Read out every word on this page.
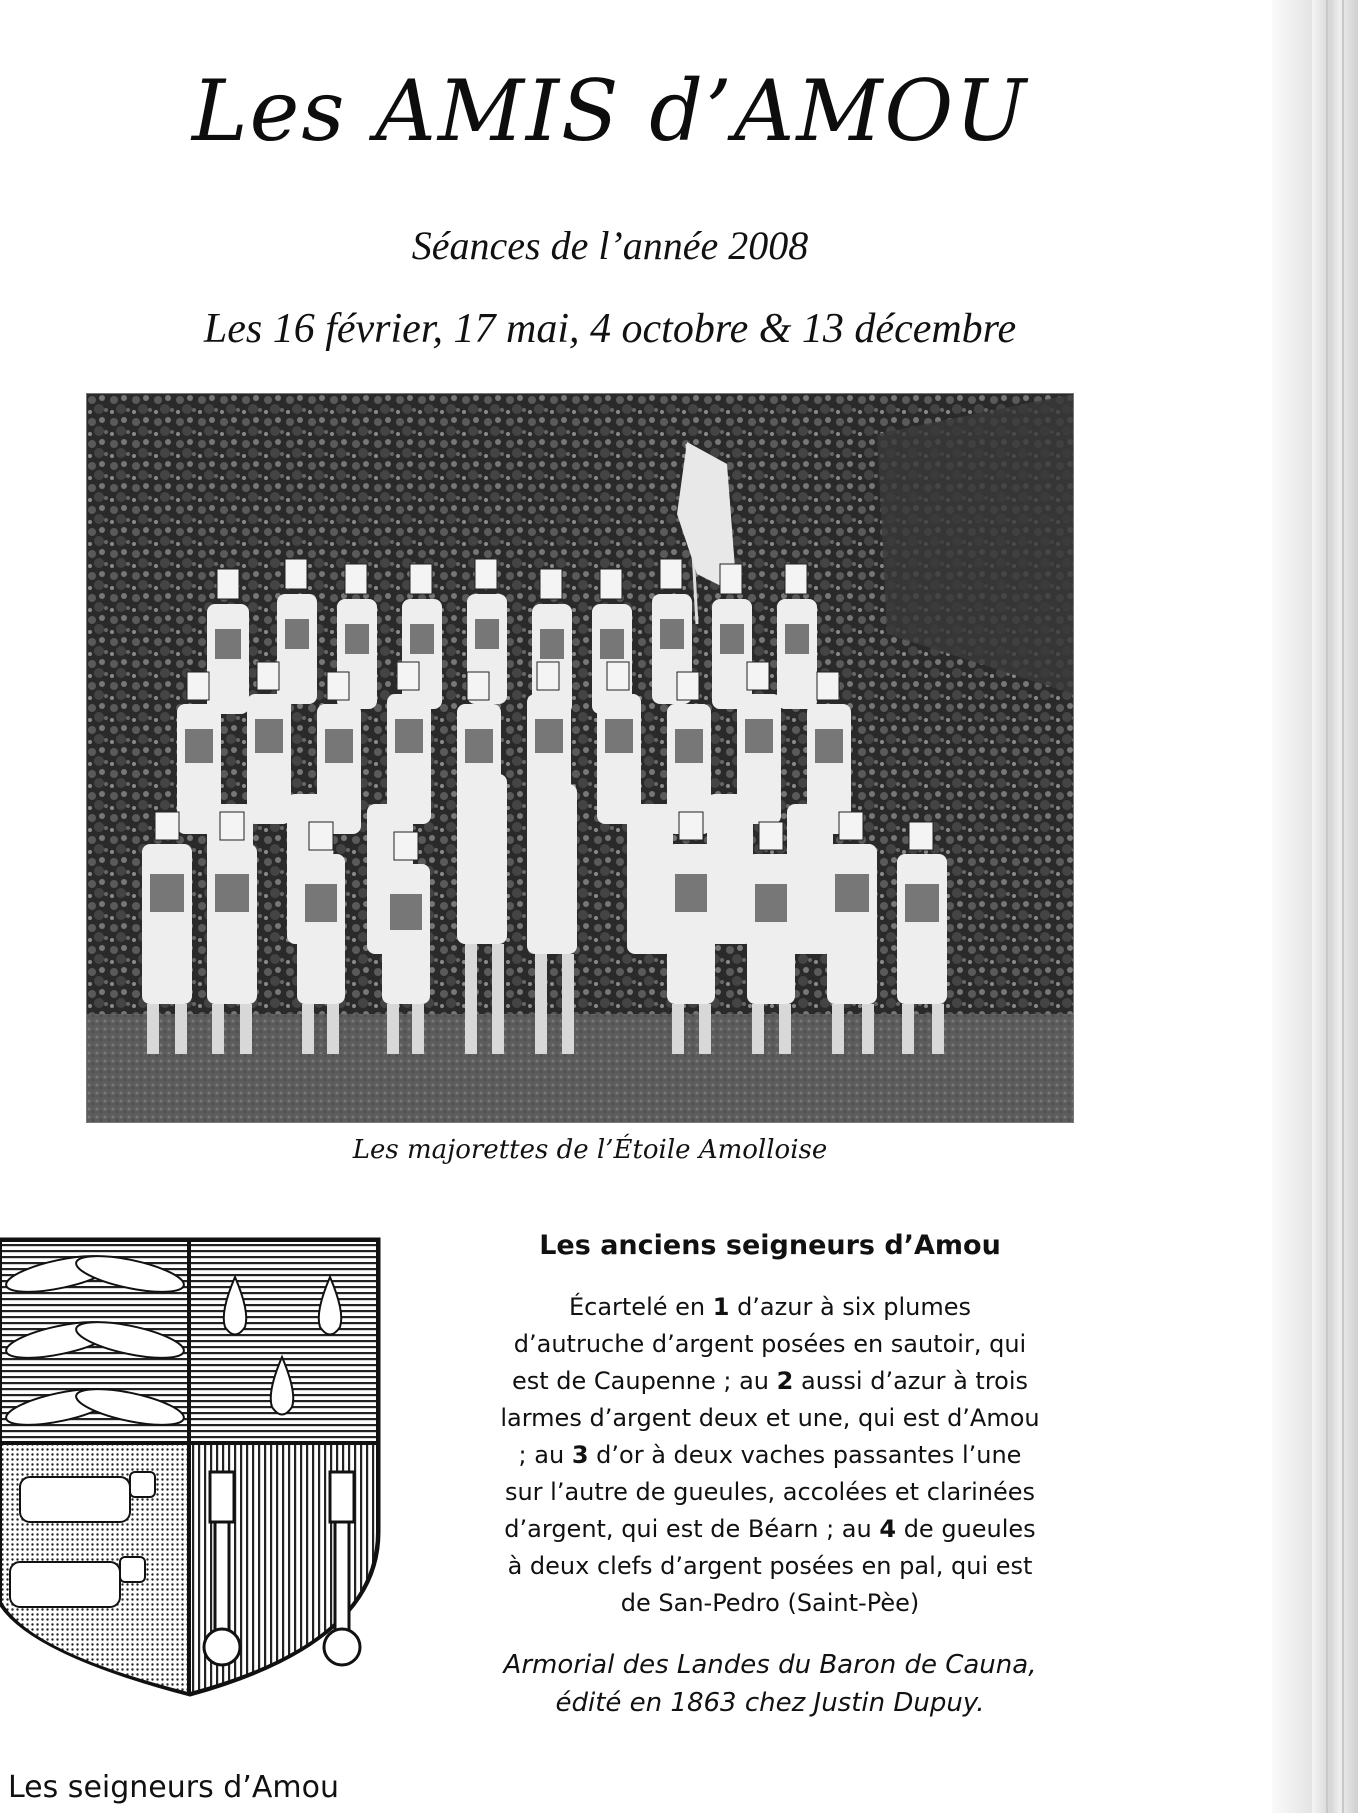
Les AMIS d’AMOU
Séances de l’année 2008
Les 16 février, 17 mai, 4 octobre & 13 décembre
Les majorettes de l’Étoile Amolloise
Les seigneurs d’Amou
Les anciens seigneurs d’Amou
Écartelé en 1 d’azur à six plumes d’autruche d’argent posées en sautoir, qui est de Caupenne ; au 2 aussi d’azur à trois larmes d’argent deux et une, qui est d’Amou ; au 3 d’or à deux vaches passantes l’une sur l’autre de gueules, accolées et clarinées d’argent, qui est de Béarn ; au 4 de gueules à deux clefs d’argent posées en pal, qui est de San-Pedro (Saint-Pèe)
Armorial des Landes du Baron de Cauna, édité en 1863 chez Justin Dupuy.
